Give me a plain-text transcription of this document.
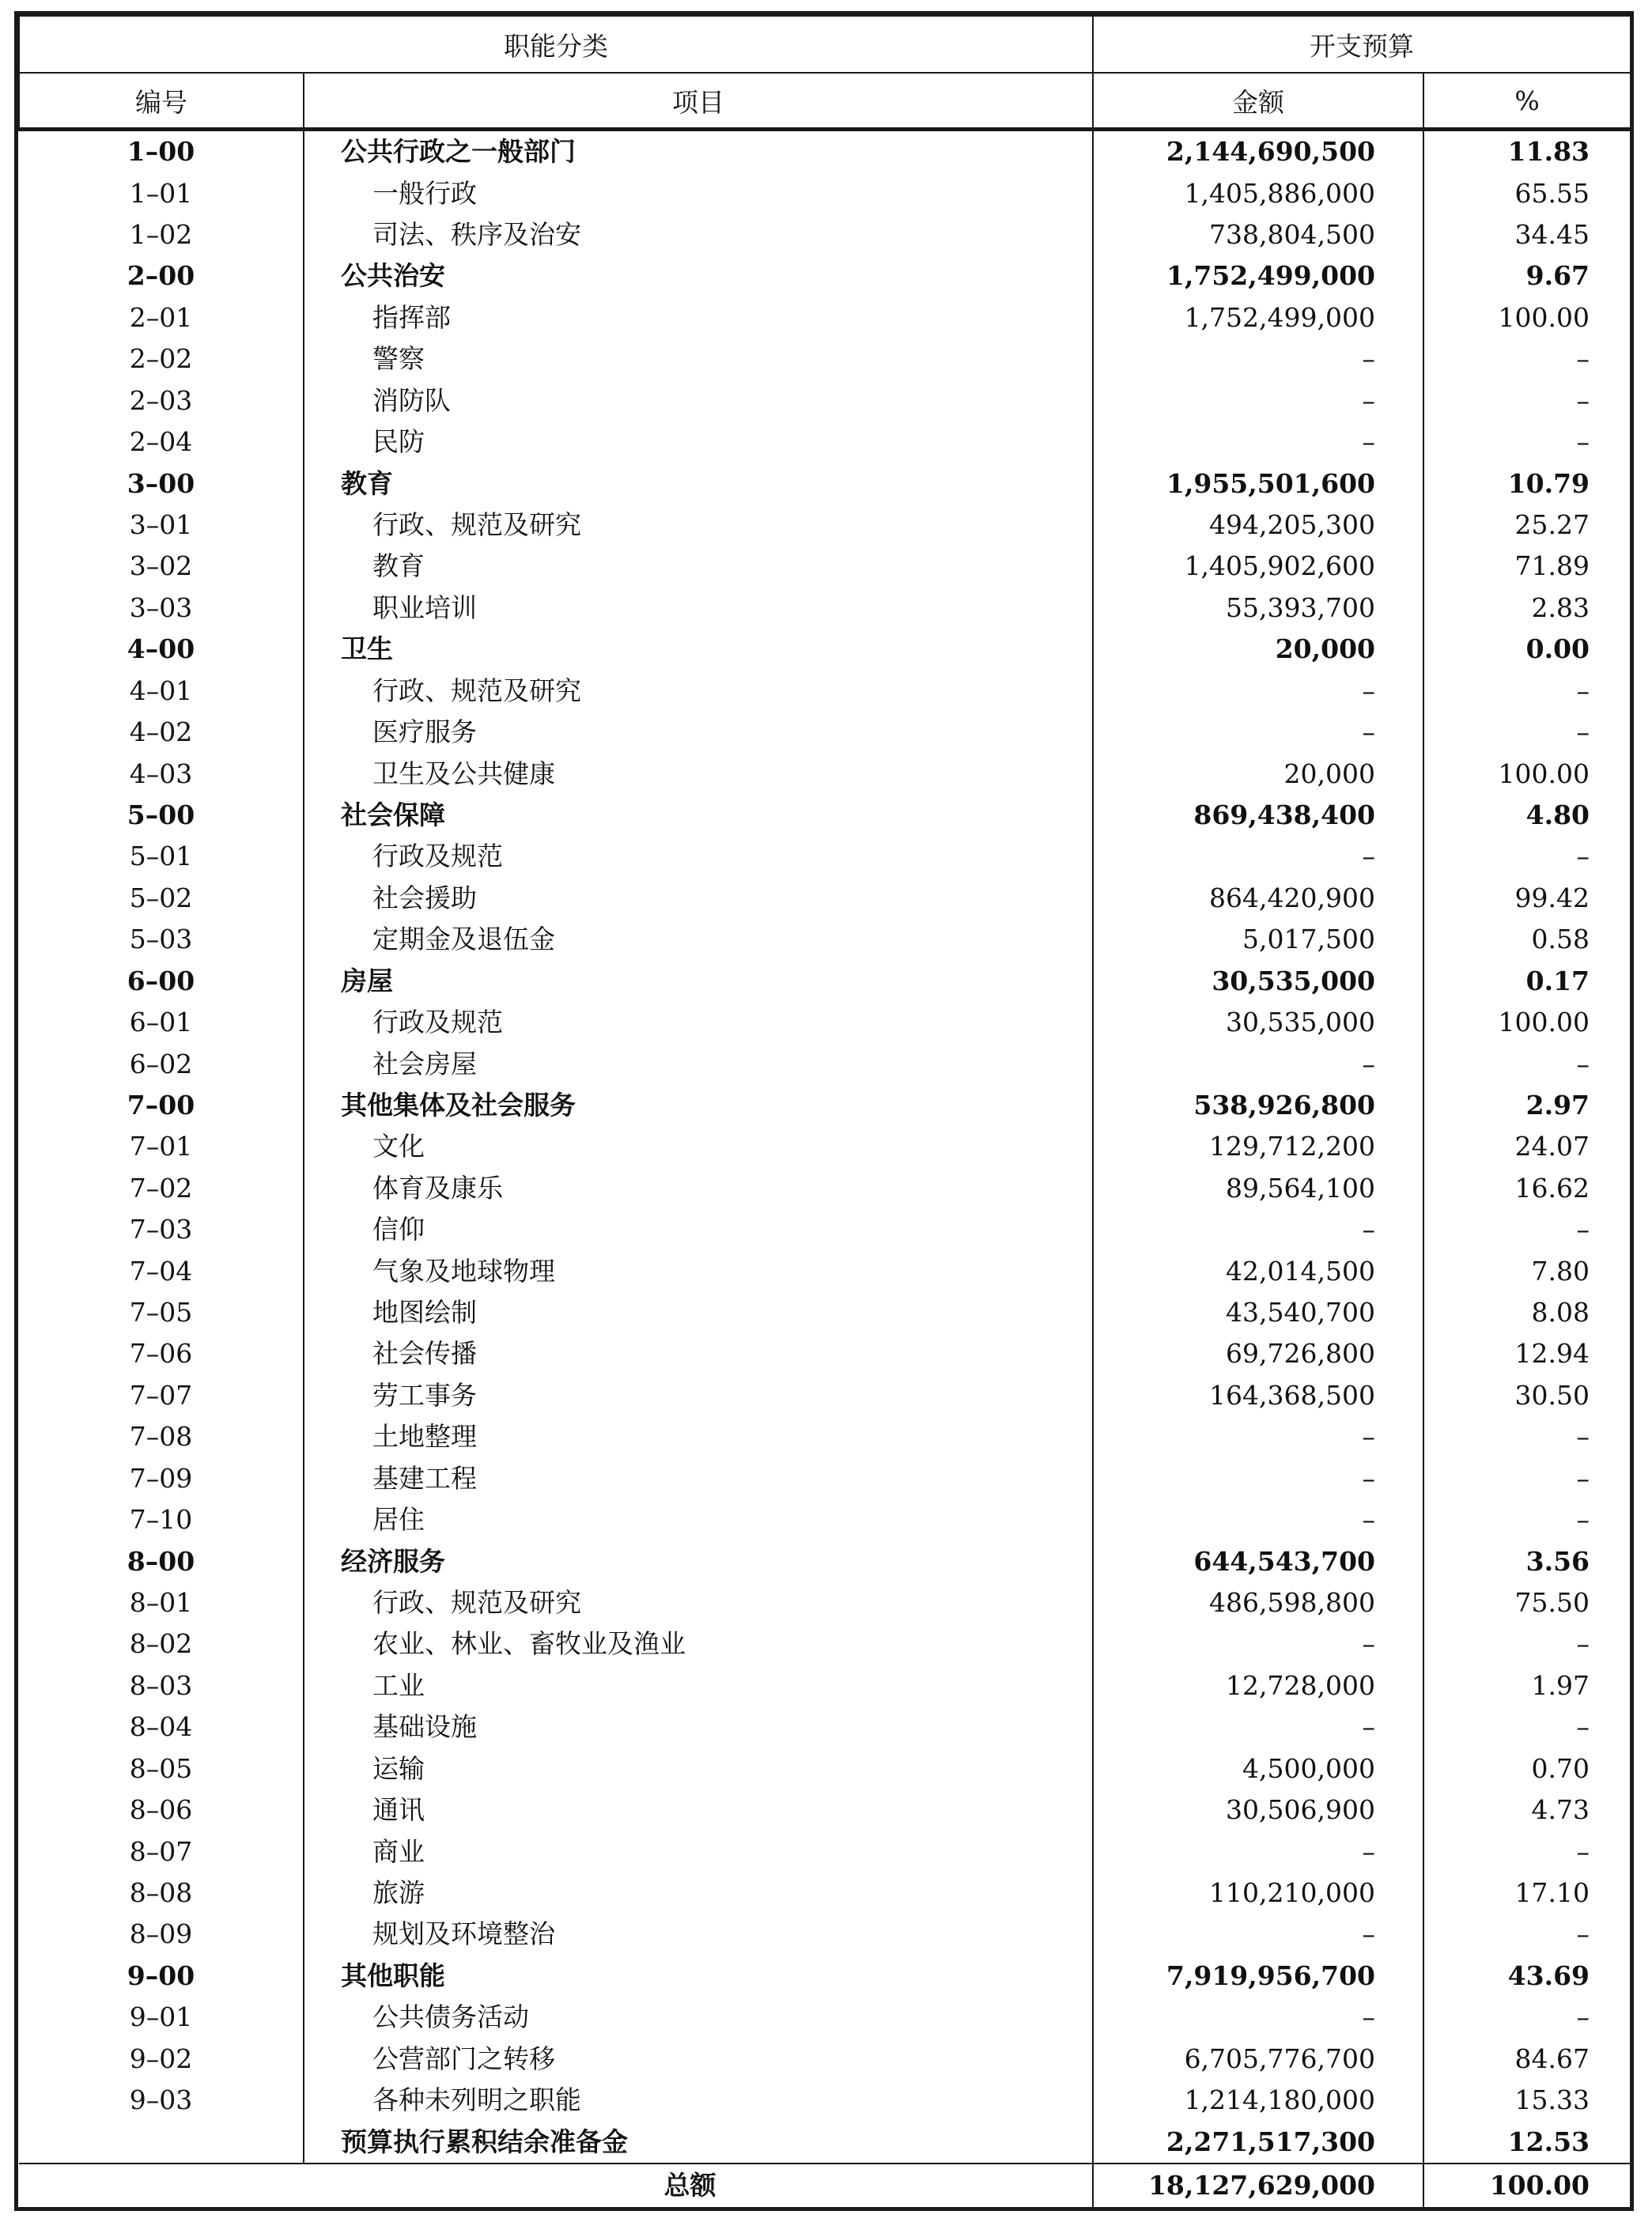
职能分类		开支预算	
编号	项目	金额	%
1–00	公共行政之一般部门	2,144,690,500	11.83
1–01	一般行政	1,405,886,000	65.55
1–02	司法、秩序及治安	738,804,500	34.45
2–00	公共治安	1,752,499,000	9.67
2–01	指挥部	1,752,499,000	100.00
2–02	警察	–	–
2–03	消防队	–	–
2–04	民防	–	–
3–00	教育	1,955,501,600	10.79
3–01	行政、规范及研究	494,205,300	25.27
3–02	教育	1,405,902,600	71.89
3–03	职业培训	55,393,700	2.83
4–00	卫生	20,000	0.00
4–01	行政、规范及研究	–	–
4–02	医疗服务	–	–
4–03	卫生及公共健康	20,000	100.00
5–00	社会保障	869,438,400	4.80
5–01	行政及规范	–	–
5–02	社会援助	864,420,900	99.42
5–03	定期金及退伍金	5,017,500	0.58
6–00	房屋	30,535,000	0.17
6–01	行政及规范	30,535,000	100.00
6–02	社会房屋	–	–
7–00	其他集体及社会服务	538,926,800	2.97
7–01	文化	129,712,200	24.07
7–02	体育及康乐	89,564,100	16.62
7–03	信仰	–	–
7–04	气象及地球物理	42,014,500	7.80
7–05	地图绘制	43,540,700	8.08
7–06	社会传播	69,726,800	12.94
7–07	劳工事务	164,368,500	30.50
7–08	土地整理	–	–
7–09	基建工程	–	–
7–10	居住	–	–
8–00	经济服务	644,543,700	3.56
8–01	行政、规范及研究	486,598,800	75.50
8–02	农业、林业、畜牧业及渔业	–	–
8–03	工业	12,728,000	1.97
8–04	基础设施	–	–
8–05	运输	4,500,000	0.70
8–06	通讯	30,506,900	4.73
8–07	商业	–	–
8–08	旅游	110,210,000	17.10
8–09	规划及环境整治	–	–
9–00	其他职能	7,919,956,700	43.69
9–01	公共债务活动	–	–
9–02	公营部门之转移	6,705,776,700	84.67
9–03	各种未列明之职能	1,214,180,000	15.33
	预算执行累积结余准备金	2,271,517,300	12.53
总额		18,127,629,000	100.00
